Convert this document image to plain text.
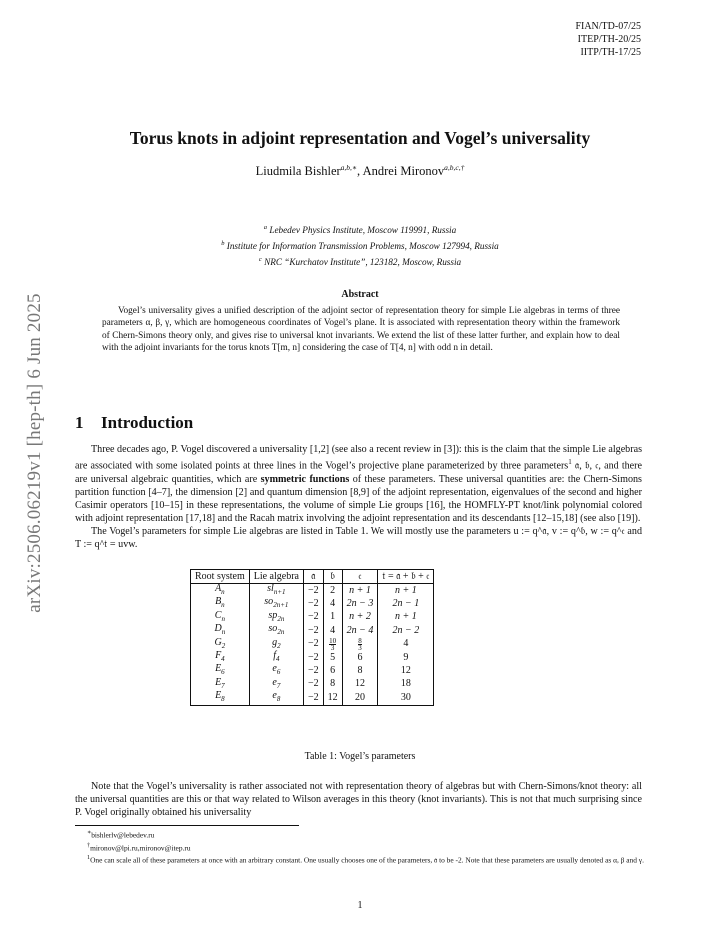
FIAN/TD-07/25
ITEP/TH-20/25
IITP/TH-17/25
arXiv:2506.06219v1 [hep-th] 6 Jun 2025
Torus knots in adjoint representation and Vogel’s universality
Liudmila Bishler$^{a,b,∗}$, Andrei Mironov$^{a,b,c,\dagger}$
$^a$ Lebedev Physics Institute, Moscow 119991, Russia
$^b$ Institute for Information Transmission Problems, Moscow 127994, Russia
$^c$ NRC “Kurchatov Institute”, 123182, Moscow, Russia
Abstract
Vogel’s universality gives a unified description of the adjoint sector of representation theory for simple Lie algebras in terms of three parameters α, β, γ, which are homogeneous coordinates of Vogel’s plane. It is associated with representation theory within the framework of Chern-Simons theory only, and gives rise to universal knot invariants. We extend the list of these latter further, and explain how to deal with the adjoint invariants for the torus knots T[m, n] considering the case of T[4, n] with odd n in detail.
1 Introduction

Three decades ago, P. Vogel discovered a universality [1,2] (see also a recent review in [3]): this is the claim that the simple Lie algebras are associated with some isolated points at three lines in the Vogel’s projective plane parameterized by three parameters$^1$ 𝔞, 𝔟, 𝔠, and there are universal algebraic quantities, which are symmetric functions of these parameters. These universal quantities are: the Chern-Simons partition function [4–7], the dimension [2] and quantum dimension [8,9] of the adjoint representation, eigenvalues of the second and higher Casimir operators [10–15] in these representations, the volume of simple Lie groups [16], the HOMFLY-PT knot/link polynomial colored with adjoint representation [17,18] and the Racah matrix involving the adjoint representation and its descendants [12–15,18] (see also [19]).

The Vogel’s parameters for simple Lie algebras are listed in Table 1. We will mostly use the parameters u := q^𝔞, v := q^𝔟, w := q^𝔠 and T := q^𝔱 = uvw.

Root system	Lie algebra	𝔞	𝔟	𝔠	𝔱 = 𝔞 + 𝔟 + 𝔠
$A_n$	$sl_{n+1}$	−2	2	n + 1	n + 1
$B_n$	$so_{2n+1}$	−2	4	2n − 3	2n − 1
$C_n$	$sp_{2n}$	−2	1	n + 2	n + 1
$D_n$	$so_{2n}$	−2	4	2n − 4	2n − 2
$G_2$	$g_2$	−2	$\frac{10}{3}$	$\frac{8}{3}$	4
$F_4$	$f_4$	−2	5	6	9
$E_6$	$e_6$	−2	6	8	12
$E_7$	$e_7$	−2	8	12	18
$E_8$	$e_8$	−2	12	20	30
Table 1: Vogel’s parameters
Note that the Vogel’s universality is rather associated not with representation theory of algebras but with Chern-Simons/knot theory: all the universal quantities are this or that way related to Wilson averages in this theory (knot invariants). This is not that much surprising since P. Vogel originally obtained his universality
∗bishlerlv@lebedev.ru
†mironov@lpi.ru,mironov@itep.ru
$^1$One can scale all of these parameters at once with an arbitrary constant. One usually chooses one of the parameters, 𝔞 to be -2. Note that these parameters are usually denoted as α, β and γ.
1
